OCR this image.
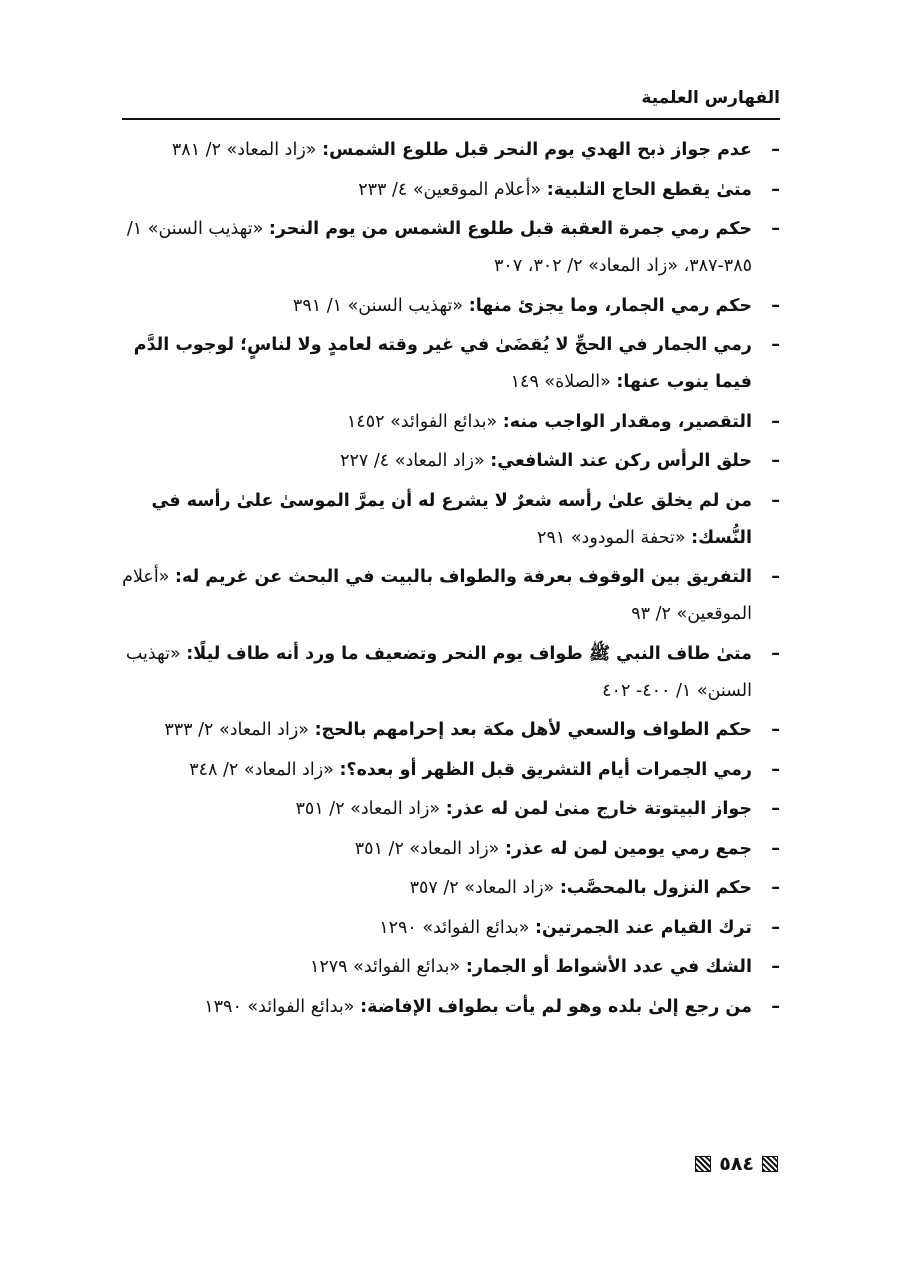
الفهارس العلمية
–
عدم جواز ذبح الهدي يوم النحر قبل طلوع الشمس: «زاد المعاد» ٢/ ٣٨١
–
متىٰ يقطع الحاج التلبية: «أعلام الموقعين» ٤/ ٢٣٣
–
حكم رمي جمرة العقبة قبل طلوع الشمس من يوم النحر: «تهذيب السنن» ١/ ٣٨٥-٣٨٧، «زاد المعاد» ٢/ ٣٠٢، ٣٠٧
–
حكم رمي الجمار، وما يجزئ منها: «تهذيب السنن» ١/ ٣٩١
–
رمي الجمار في الحجِّ لا يُقضَىٰ في غير وقته لعامدٍ ولا لناسٍ؛ لوجوب الدَّم فيما ينوب عنها: «الصلاة» ١٤٩
–
التقصير، ومقدار الواجب منه: «بدائع الفوائد» ١٤٥٢
–
حلق الرأس ركن عند الشافعي: «زاد المعاد» ٤/ ٢٢٧
–
من لم يخلق علىٰ رأسه شعرٌ لا يشرع له أن يمرَّ الموسىٰ علىٰ رأسه في النُّسك: «تحفة المودود» ٢٩١
–
التفريق بين الوقوف بعرفة والطواف بالبيت في البحث عن غريم له: «أعلام الموقعين» ٢/ ٩٣
–
متىٰ طاف النبي ﷺ طواف يوم النحر وتضعيف ما ورد أنه طاف ليلًا: «تهذيب السنن» ١/ ٤٠٠- ٤٠٢
–
حكم الطواف والسعي لأهل مكة بعد إحرامهم بالحج: «زاد المعاد» ٢/ ٣٣٣
–
رمي الجمرات أيام التشريق قبل الظهر أو بعده؟: «زاد المعاد» ٢/ ٣٤٨
–
جواز البيتوتة خارج منىٰ لمن له عذر: «زاد المعاد» ٢/ ٣٥١
–
جمع رمي يومين لمن له عذر: «زاد المعاد» ٢/ ٣٥١
–
حكم النزول بالمحصَّب: «زاد المعاد» ٢/ ٣٥٧
–
ترك القيام عند الجمرتين: «بدائع الفوائد» ١٢٩٠
–
الشك في عدد الأشواط أو الجمار: «بدائع الفوائد» ١٢٧٩
–
من رجع إلىٰ بلده وهو لم يأت بطواف الإفاضة: «بدائع الفوائد» ١٣٩٠
٥٨٤
